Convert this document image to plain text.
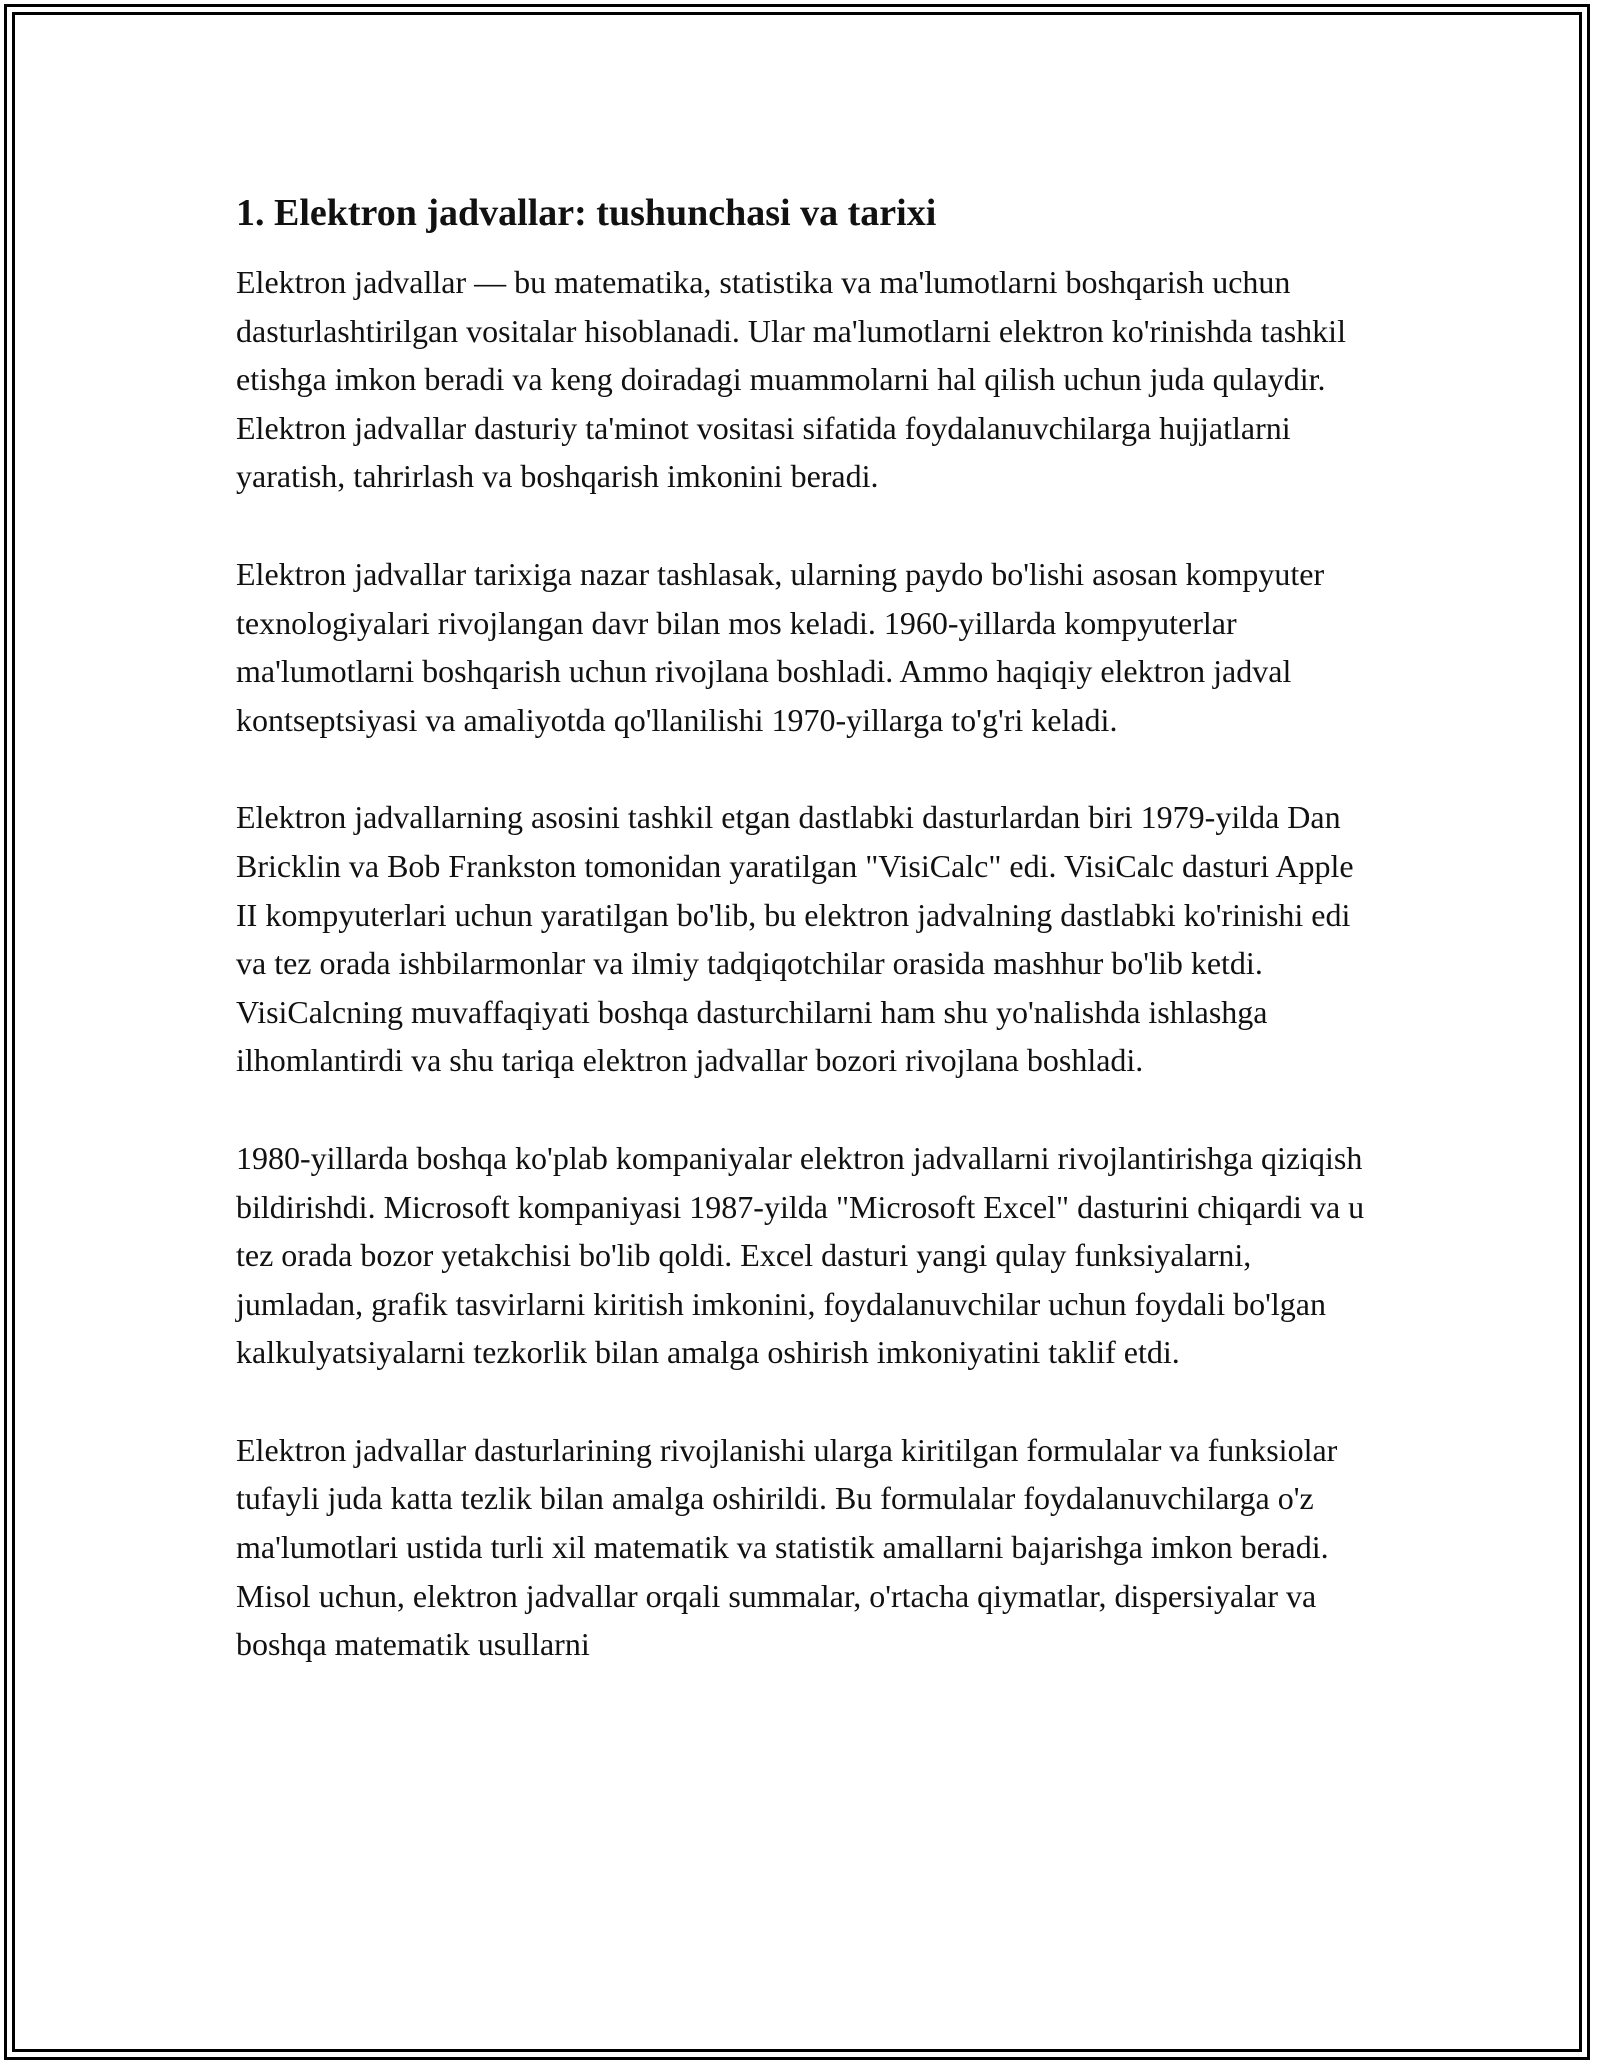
1. Elektron jadvallar: tushunchasi va tarixi

Elektron jadvallar — bu matematika, statistika va ma'lumotlarni boshqarish uchun dasturlashtirilgan vositalar hisoblanadi. Ular ma'lumotlarni elektron ko'rinishda tashkil etishga imkon beradi va keng doiradagi muammolarni hal qilish uchun juda qulaydir. Elektron jadvallar dasturiy ta'minot vositasi sifatida foydalanuvchilarga hujjatlarni yaratish, tahrirlash va boshqarish imkonini beradi.

Elektron jadvallar tarixiga nazar tashlasak, ularning paydo bo'lishi asosan kompyuter texnologiyalari rivojlangan davr bilan mos keladi. 1960-yillarda kompyuterlar ma'lumotlarni boshqarish uchun rivojlana boshladi. Ammo haqiqiy elektron jadval kontseptsiyasi va amaliyotda qo'llanilishi 1970-yillarga to'g'ri keladi.

Elektron jadvallarning asosini tashkil etgan dastlabki dasturlardan biri 1979-yilda Dan Bricklin va Bob Frankston tomonidan yaratilgan "VisiCalc" edi. VisiCalc dasturi Apple II kompyuterlari uchun yaratilgan bo'lib, bu elektron jadvalning dastlabki ko'rinishi edi va tez orada ishbilarmonlar va ilmiy tadqiqotchilar orasida mashhur bo'lib ketdi. VisiCalcning muvaffaqiyati boshqa dasturchilarni ham shu yo'nalishda ishlashga ilhomlantirdi va shu tariqa elektron jadvallar bozori rivojlana boshladi.

1980-yillarda boshqa ko'plab kompaniyalar elektron jadvallarni rivojlantirishga qiziqish bildirishdi. Microsoft kompaniyasi 1987-yilda "Microsoft Excel" dasturini chiqardi va u tez orada bozor yetakchisi bo'lib qoldi. Excel dasturi yangi qulay funksiyalarni, jumladan, grafik tasvirlarni kiritish imkonini, foydalanuvchilar uchun foydali bo'lgan kalkulyatsiyalarni tezkorlik bilan amalga oshirish imkoniyatini taklif etdi.

Elektron jadvallar dasturlarining rivojlanishi ularga kiritilgan formulalar va funksiolar tufayli juda katta tezlik bilan amalga oshirildi. Bu formulalar foydalanuvchilarga o'z ma'lumotlari ustida turli xil matematik va statistik amallarni bajarishga imkon beradi. Misol uchun, elektron jadvallar orqali summalar, o'rtacha qiymatlar, dispersiyalar va boshqa matematik usullarni
